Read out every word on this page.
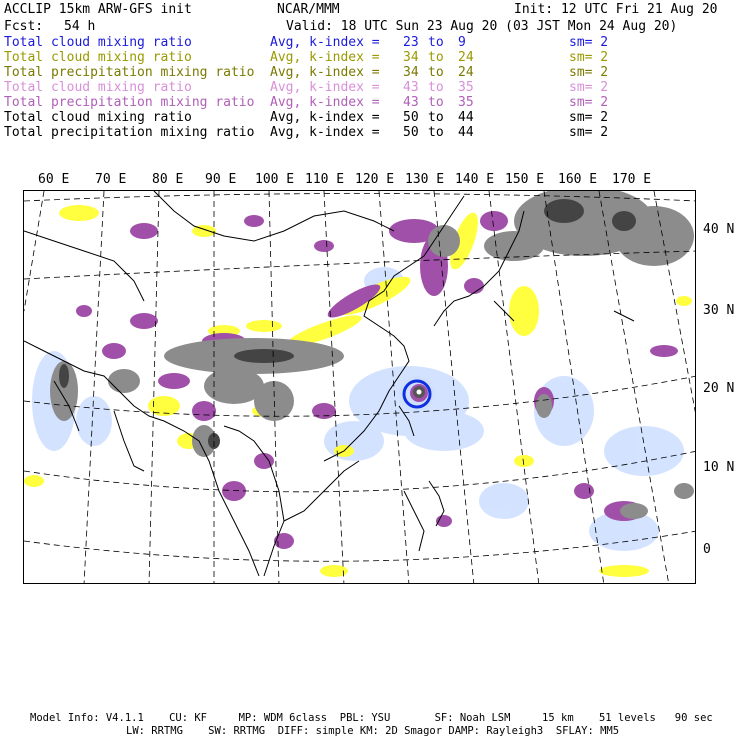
ACCLIP 15km ARW-GFS init	NCAR/MMM	Init: 12 UTC Fri 21 Aug 20
Fcst: 54 h	Valid: 18 UTC Sun 23 Aug 20 (03 JST Mon 24 Aug 20)
Total cloud mixing ratio	Avg, k-index = 23 to 9	sm= 2
Total cloud mixing ratio	Avg, k-index = 34 to 24	sm= 2
Total precipitation mixing ratio Avg, k-index = 34 to 24	sm= 2
Total cloud mixing ratio	Avg, k-index = 43 to 35	sm= 2
Total precipitation mixing ratio Avg, k-index = 43 to 35	sm= 2
Total cloud mixing ratio	Avg, k-index = 50 to 44	sm= 2
Total precipitation mixing ratio Avg, k-index = 50 to 44	sm= 2
60 E 70 E 80 E 90 E 100 E 110 E 120 E 130 E 140 E 150 E 160 E 170 E
40 N
30 N
20 N
10 N
0
Model Info: V4.1.1    CU: KF     MP: WDM 6class  PBL: YSU       SF: Noah LSM     15 km    51 levels   90 sec
LW: RRTMG    SW: RRTMG  DIFF: simple KM: 2D Smagor DAMP: Rayleigh3  SFLAY: MM5
